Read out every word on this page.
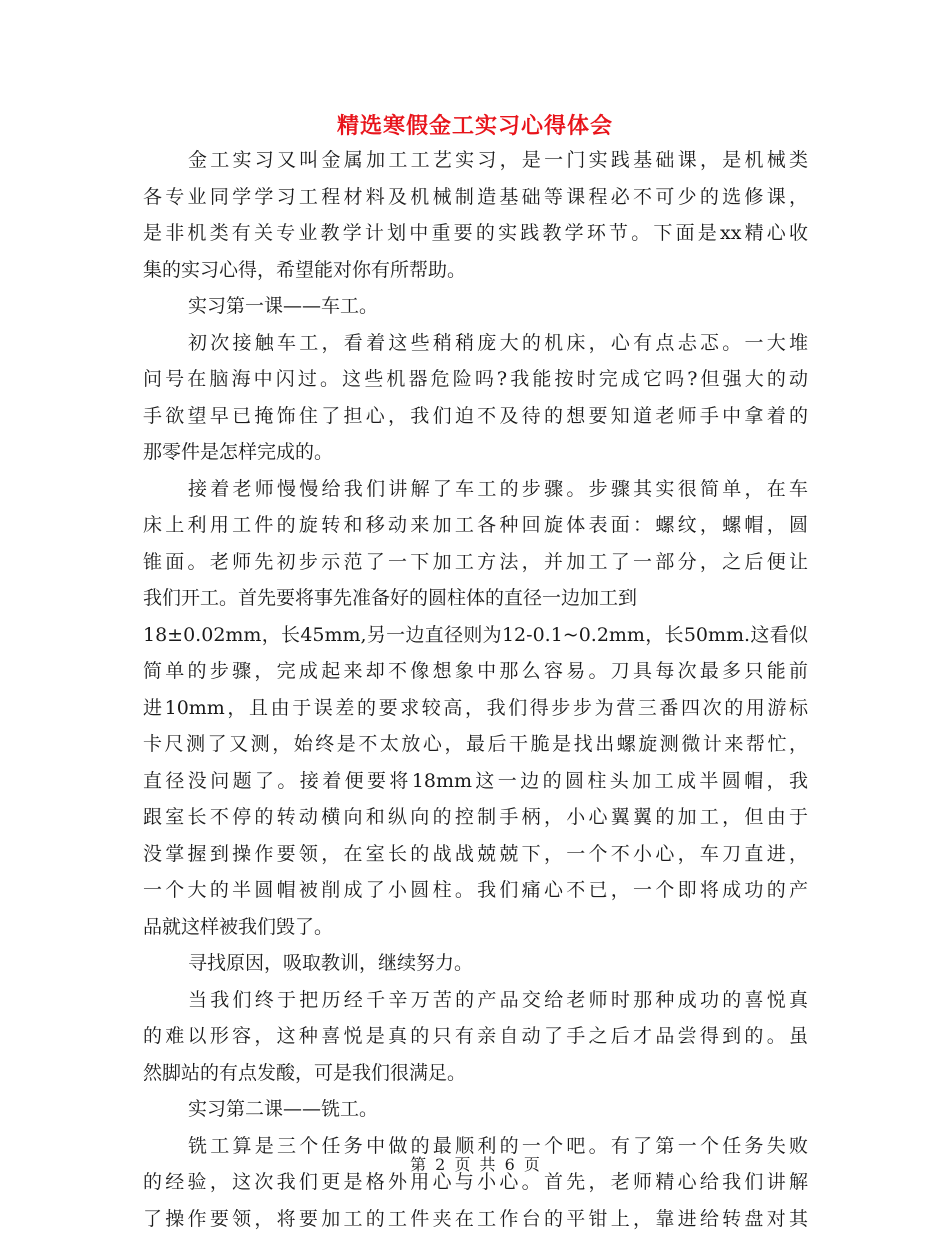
精选寒假金工实习心得体会
金工实习又叫金属加工工艺实习，是一门实践基础课，是机械类
各专业同学学习工程材料及机械制造基础等课程必不可少的选修课，
是非机类有关专业教学计划中重要的实践教学环节。下面是xx精心收
集的实习心得，希望能对你有所帮助。
实习第一课——车工。
初次接触车工，看着这些稍稍庞大的机床，心有点忐忑。一大堆
问号在脑海中闪过。这些机器危险吗?我能按时完成它吗?但强大的动
手欲望早已掩饰住了担心，我们迫不及待的想要知道老师手中拿着的
那零件是怎样完成的。
接着老师慢慢给我们讲解了车工的步骤。步骤其实很简单，在车
床上利用工件的旋转和移动来加工各种回旋体表面：螺纹，螺帽，圆
锥面。老师先初步示范了一下加工方法，并加工了一部分，之后便让
我们开工。首先要将事先准备好的圆柱体的直径一边加工到
18±0.02mm，长45mm,另一边直径则为12-0.1~0.2mm，长50mm.这看似
简单的步骤，完成起来却不像想象中那么容易。刀具每次最多只能前
进10mm，且由于误差的要求较高，我们得步步为营三番四次的用游标
卡尺测了又测，始终是不太放心，最后干脆是找出螺旋测微计来帮忙，
直径没问题了。接着便要将18mm这一边的圆柱头加工成半圆帽，我
跟室长不停的转动横向和纵向的控制手柄，小心翼翼的加工，但由于
没掌握到操作要领，在室长的战战兢兢下，一个不小心，车刀直进，
一个大的半圆帽被削成了小圆柱。我们痛心不已，一个即将成功的产
品就这样被我们毁了。
寻找原因，吸取教训，继续努力。
当我们终于把历经千辛万苦的产品交给老师时那种成功的喜悦真
的难以形容，这种喜悦是真的只有亲自动了手之后才品尝得到的。虽
然脚站的有点发酸，可是我们很满足。
实习第二课——铣工。
铣工算是三个任务中做的最顺利的一个吧。有了第一个任务失败
的经验，这次我们更是格外用心与小心。首先，老师精心给我们讲解
了操作要领，将要加工的工件夹在工作台的平钳上，靠进给转盘对其
第 2 页 共 6 页
